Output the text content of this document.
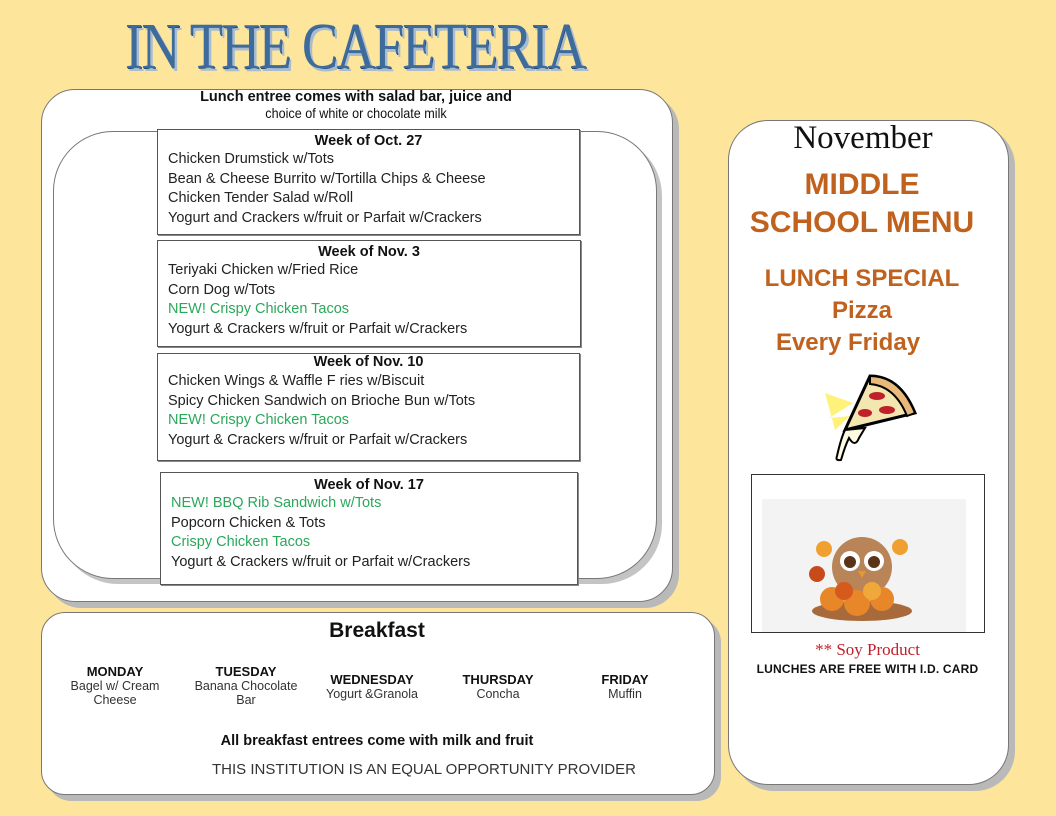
IN THE CAFETERIA
Lunch entree comes with salad bar, juice and
choice of white or chocolate milk
Week of Oct. 27
Chicken Drumstick w/Tots
Bean & Cheese Burrito w/Tortilla Chips & Cheese
Chicken Tender Salad w/Roll
Yogurt and Crackers w/fruit or Parfait w/Crackers
Week of Nov. 3
Teriyaki Chicken w/Fried Rice
Corn Dog w/Tots
NEW! Crispy Chicken Tacos
Yogurt & Crackers w/fruit or Parfait w/Crackers
Week of Nov. 10
Chicken Wings & Waffle F ries w/Biscuit
Spicy Chicken Sandwich on Brioche Bun w/Tots
NEW! Crispy Chicken Tacos
Yogurt & Crackers w/fruit or Parfait w/Crackers
Week of Nov. 17
NEW! BBQ Rib Sandwich w/Tots
Popcorn Chicken & Tots
Crispy Chicken Tacos
Yogurt & Crackers w/fruit or Parfait w/Crackers
Breakfast
MONDAY
Bagel w/ Cream Cheese
TUESDAY
Banana Chocolate Bar
WEDNESDAY
Yogurt &Granola
THURSDAY
Concha
FRIDAY
Muffin
All breakfast entrees come with milk and fruit
THIS INSTITUTION IS AN EQUAL OPPORTUNITY PROVIDER
November
MIDDLE
SCHOOL MENU
LUNCH SPECIAL
Pizza
Every Friday
** Soy Product
LUNCHES ARE FREE WITH I.D. CARD
